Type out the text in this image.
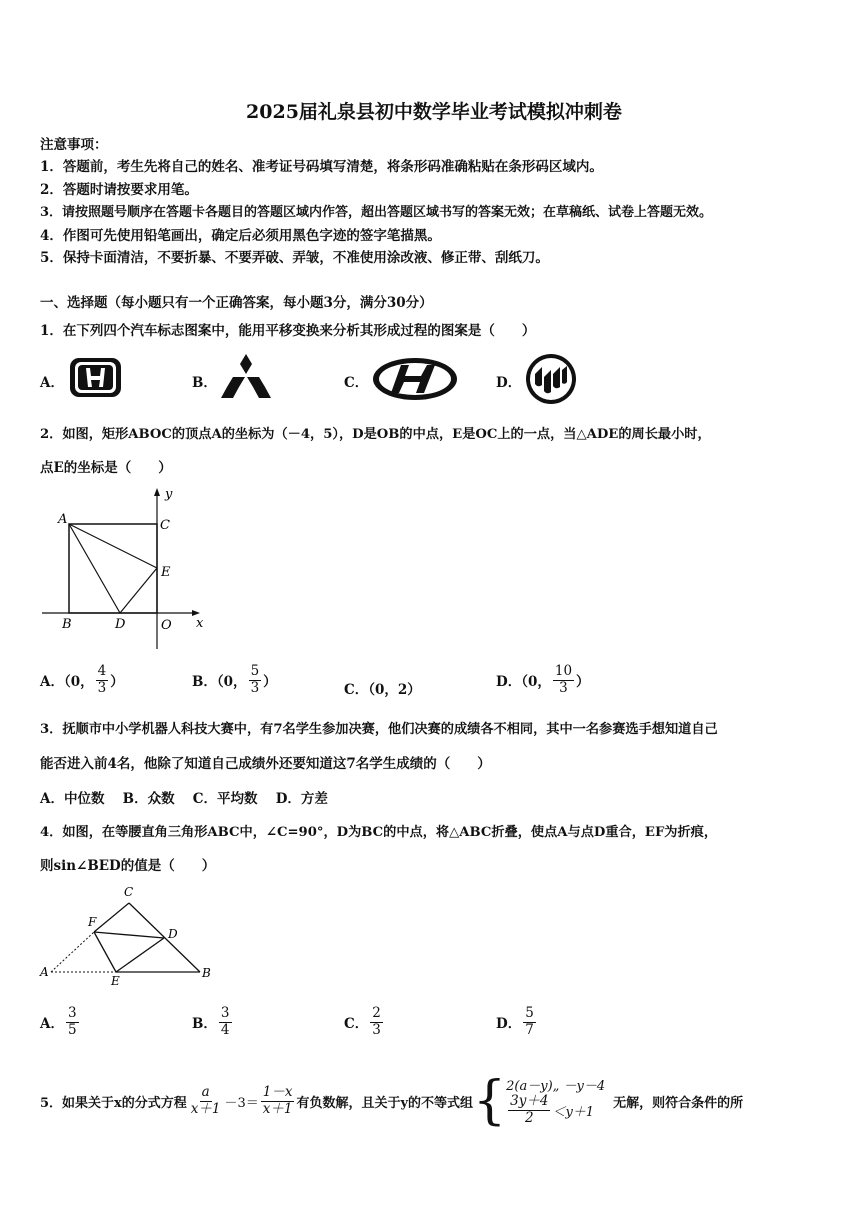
2025届礼泉县初中数学毕业考试模拟冲刺卷
注意事项：
1．答题前，考生先将自己的姓名、准考证号码填写清楚，将条形码准确粘贴在条形码区域内。
2．答题时请按要求用笔。
3．请按照题号顺序在答题卡各题目的答题区域内作答，超出答题区域书写的答案无效；在草稿纸、试卷上答题无效。
4．作图可先使用铅笔画出，确定后必须用黑色字迹的签字笔描黑。
5．保持卡面清洁，不要折暴、不要弄破、弄皱，不准使用涂改液、修正带、刮纸刀。
一、选择题（每小题只有一个正确答案，每小题3分，满分30分）
1．在下列四个汽车标志图案中，能用平移变换来分析其形成过程的图案是（　　）
A．	B．	C．	D．
2．如图，矩形ABOC的顶点A的坐标为（－4，5），D是OB的中点，E是OC上的一点，当△ADE的周长最小时，
点E的坐标是（　　）
A	C
E
B	D	O x
y
A．（0， $\frac{4}{3}$ ）	B．（0， $\frac{5}{3}$ ）	C．（0，2）	D．（0， $\frac{10}{3}$ ）
3．抚顺市中小学机器人科技大赛中，有7名学生参加决赛，他们决赛的成绩各不相同，其中一名参赛选手想知道自己
能否进入前4名，他除了知道自己成绩外还要知道这7名学生成绩的（　　）
A．中位数　 B．众数　 C．平均数　 D．方差
4．如图，在等腰直角三角形ABC中，∠C=90°，D为BC的中点，将△ABC折叠，使点A与点D重合，EF为折痕，
则sin∠BED的值是（　　）
C
F
D
A
E
B
A． $\frac{3}{5}$	B． $\frac{3}{4}$	C． $\frac{2}{3}$	D． $\frac{5}{7}$
5．如果关于x的分式方程 $\frac{a}{x+1} -3= \frac{1-x}{x+1}$ 有负数解，且关于y的不等式组 { 2(a－y)„ －y－4
$\frac{3y+4}{2} <y+1$
无解，则符合条件的所
